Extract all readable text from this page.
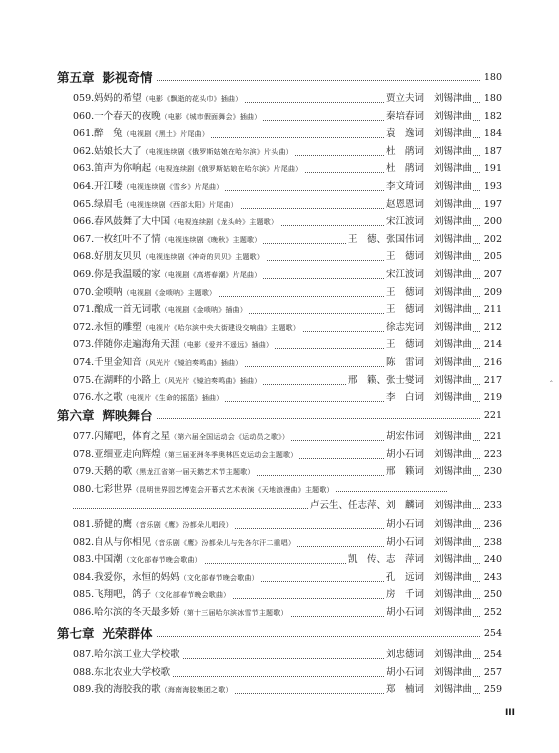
第五章 影视奇情	180
059.妈妈的希望（电影《飘逝的花头巾》插曲）	贾立夫词 刘锡津曲	180
060.一个春天的夜晚（电影《城市假面舞会》插曲）	秦培春词 刘锡津曲	182
061.醉　兔（电视剧《黑土》片尾曲）	袁　逸词 刘锡津曲	184
062.姑娘长大了（电视连续剧《俄罗斯姑娘在哈尔滨》片头曲）	杜　鹃词 刘锡津曲	187
063.笛声为你响起（电视连续剧《俄罗斯姑娘在哈尔滨》片尾曲）	杜　鹃词 刘锡津曲	191
064.开江喽（电视连续剧《雪乡》片尾曲）	李文琦词 刘锡津曲	193
065.绿眉毛（电视连续剧《西部太阳》片尾曲）	赵恩恩词 刘锡津曲	197
066.春风鼓舞了大中国（电视连续剧《龙头岭》主题歌）	宋江波词 刘锡津曲	200
067.一枚红叶不了情（电视连续剧《晚秋》主题歌）	王　德、张国伟词 刘锡津曲	202
068.好朋友贝贝（电视连续剧《神奇的贝贝》主题歌）	王　德词 刘锡津曲	205
069.你是我温暖的家（电视剧《高塔春潮》片尾曲）	宋江波词 刘锡津曲	207
070.金唢呐（电视剧《金唢呐》主题歌）	王　德词 刘锡津曲	209
071.酿成一首无词歌（电视剧《金唢呐》插曲）	王　德词 刘锡津曲	211
072.永恒的雕塑（电视片《哈尔滨中央大街建设交响曲》主题歌）	徐志宪词 刘锡津曲	212
073.伴随你走遍海角天涯（电影《爱并不遥远》插曲）	王　德词 刘锡津曲	214
074.千里金知音（风光片《镜泊奏鸣曲》插曲）	陈　雷词 刘锡津曲	216
075.在湖畔的小路上（风光片《镜泊奏鸣曲》插曲）	邢　籁、张士燮词 刘锡津曲	217
076.水之歌（电视片《生命的摇篮》插曲）	李　白词 刘锡津曲	219
第六章 辉映舞台	221
077.闪耀吧，体育之星（第六届全国运动会《运动员之歌》）	胡宏伟词 刘锡津曲	221
078.亚细亚走向辉煌（第三届亚洲冬季奥林匹克运动会主题歌）	胡小石词 刘锡津曲	223
079.天鹅的歌（黑龙江省第一届天鹅艺术节主题歌）	邢　籁词 刘锡津曲	230
080.七彩世界（昆明世界园艺博览会开幕式艺术表演《天地浪漫曲》主题歌）
卢云生、任志萍、刘　麟词 刘锡津曲	233
081.骄健的鹰（音乐剧《鹰》汾都朵儿唱段）	胡小石词 刘锡津曲	236
082.自从与你相见（音乐剧《鹰》汾都朵儿与先各尔汗二重唱）	胡小石词 刘锡津曲	238
083.中国潮（文化部春节晚会歌曲）	凯　传、志　萍词 刘锡津曲	240
084.我爱你，永恒的妈妈（文化部春节晚会歌曲）	孔　远词 刘锡津曲	243
085.飞翔吧，鸽子（文化部春节晚会歌曲）	房　千词 刘锡津曲	250
086.哈尔滨的冬天最多娇（第十三届哈尔滨冰雪节主题歌）	胡小石词 刘锡津曲	252
第七章 光荣群体	254
087.哈尔滨工业大学校歌	刘忠德词 刘锡津曲	254
088.东北农业大学校歌	胡小石词 刘锡津曲	257
089.我的海胶我的歌（海南海胶集团之歌）	郑　楠词 刘锡津曲	259
III
‸
